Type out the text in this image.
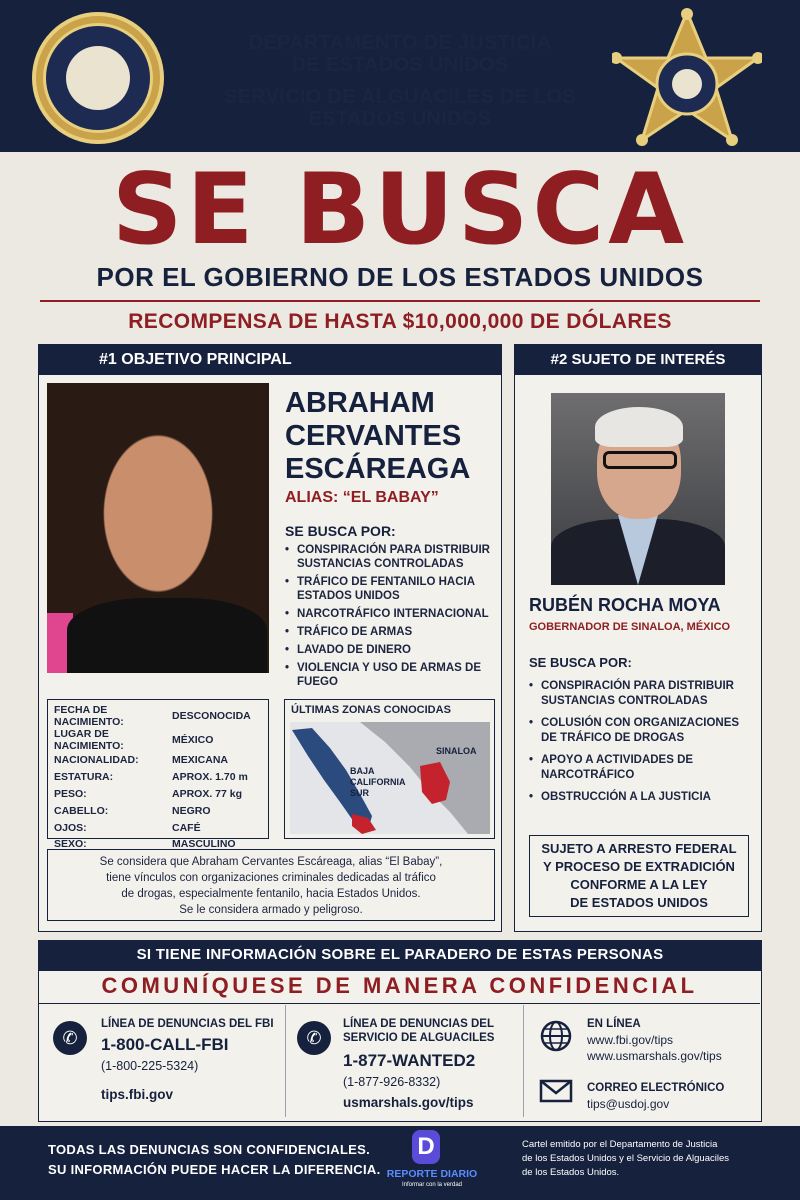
DEPARTAMENTO DE JUSTICIA
DE ESTADOS UNIDOS
SERVICIO DE ALGUACILES DE LOS
ESTADOS UNIDOS
SE BUSCA
POR EL GOBIERNO DE LOS ESTADOS UNIDOS
RECOMPENSA DE HASTA $10,000,000 DE DÓLARES
#1 OBJETIVO PRINCIPAL
ABRAHAM
CERVANTES
ESCÁREAGA
ALIAS: “EL BABAY”
SE BUSCA POR:
• CONSPIRACIÓN PARA DISTRIBUIR SUSTANCIAS CONTROLADAS
• TRÁFICO DE FENTANILO HACIA ESTADOS UNIDOS
• NARCOTRÁFICO INTERNACIONAL
• TRÁFICO DE ARMAS
• LAVADO DE DINERO
• VIOLENCIA Y USO DE ARMAS DE FUEGO
FECHA DE NACIMIENTO:	DESCONOCIDA
LUGAR DE NACIMIENTO:	MÉXICO
NACIONALIDAD:	MEXICANA
ESTATURA:	APROX. 1.70 m
PESO:	APROX. 77 kg
CABELLO:	NEGRO
OJOS:	CAFÉ
SEXO:	MASCULINO
ÚLTIMAS ZONAS CONOCIDAS
BAJA
CALIFORNIA
SUR
SINALOA
Se considera que Abraham Cervantes Escáreaga, alias “El Babay”,
tiene vínculos con organizaciones criminales dedicadas al tráfico
de drogas, especialmente fentanilo, hacia Estados Unidos.
Se le considera armado y peligroso.
#2 SUJETO DE INTERÉS
RUBÉN ROCHA MOYA
GOBERNADOR DE SINALOA, MÉXICO
SE BUSCA POR:
• CONSPIRACIÓN PARA DISTRIBUIR SUSTANCIAS CONTROLADAS
• COLUSIÓN CON ORGANIZACIONES DE TRÁFICO DE DROGAS
• APOYO A ACTIVIDADES DE NARCOTRÁFICO
• OBSTRUCCIÓN A LA JUSTICIA
SUJETO A ARRESTO FEDERAL
Y PROCESO DE EXTRADICIÓN
CONFORME A LA LEY
DE ESTADOS UNIDOS
SI TIENE INFORMACIÓN SOBRE EL PARADERO DE ESTAS PERSONAS
COMUNÍQUESE DE MANERA CONFIDENCIAL
✆
LÍNEA DE DENUNCIAS DEL FBI
1-800-CALL-FBI
(1-800-225-5324)
tips.fbi.gov
✆
LÍNEA DE DENUNCIAS DEL
SERVICIO DE ALGUACILES
1-877-WANTED2
(1-877-926-8332)
usmarshals.gov/tips
EN LÍNEA
www.fbi.gov/tips
www.usmarshals.gov/tips
CORREO ELECTRÓNICO
tips@usdoj.gov
TODAS LAS DENUNCIAS SON CONFIDENCIALES.
SU INFORMACIÓN PUEDE HACER LA DIFERENCIA.
D
REPORTE DIARIO
Informar con la verdad
Cartel emitido por el Departamento de Justicia
de los Estados Unidos y el Servicio de Alguaciles
de los Estados Unidos.
